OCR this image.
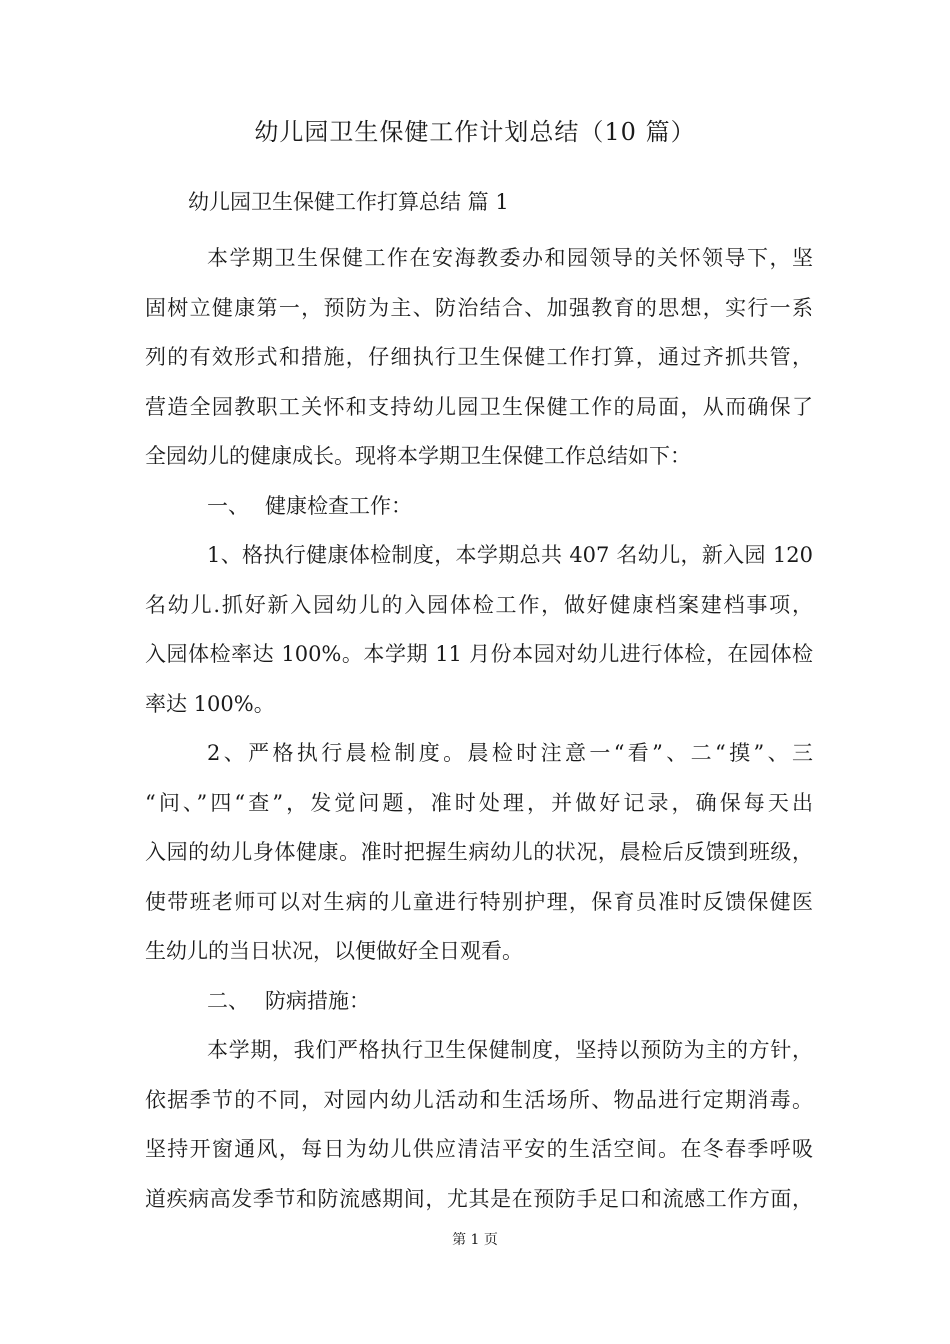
幼儿园卫生保健工作计划总结（10 篇）
幼儿园卫生保健工作打算总结 篇 1
本学期卫生保健工作在安海教委办和园领导的关怀领导下，坚
固树立健康第一，预防为主、防治结合、加强教育的思想，实行一系
列的有效形式和措施，仔细执行卫生保健工作打算，通过齐抓共管，
营造全园教职工关怀和支持幼儿园卫生保健工作的局面，从而确保了
全园幼儿的健康成长。现将本学期卫生保健工作总结如下：
一、 健康检查工作：
1、格执行健康体检制度，本学期总共 407 名幼儿，新入园 120
名幼儿.抓好新入园幼儿的入园体检工作，做好健康档案建档事项，
入园体检率达 100%。本学期 11 月份本园对幼儿进行体检，在园体检
率达 100%。
2、严格执行晨检制度。晨检时注意一“看”、二“摸”、三
“问、”四“查”，发觉问题，准时处理，并做好记录，确保每天出
入园的幼儿身体健康。准时把握生病幼儿的状况，晨检后反馈到班级，
使带班老师可以对生病的儿童进行特别护理，保育员准时反馈保健医
生幼儿的当日状况，以便做好全日观看。
二、 防病措施：
本学期，我们严格执行卫生保健制度，坚持以预防为主的方针，
依据季节的不同，对园内幼儿活动和生活场所、物品进行定期消毒。
坚持开窗通风，每日为幼儿供应清洁平安的生活空间。在冬春季呼吸
道疾病高发季节和防流感期间，尤其是在预防手足口和流感工作方面，
第 1 页
